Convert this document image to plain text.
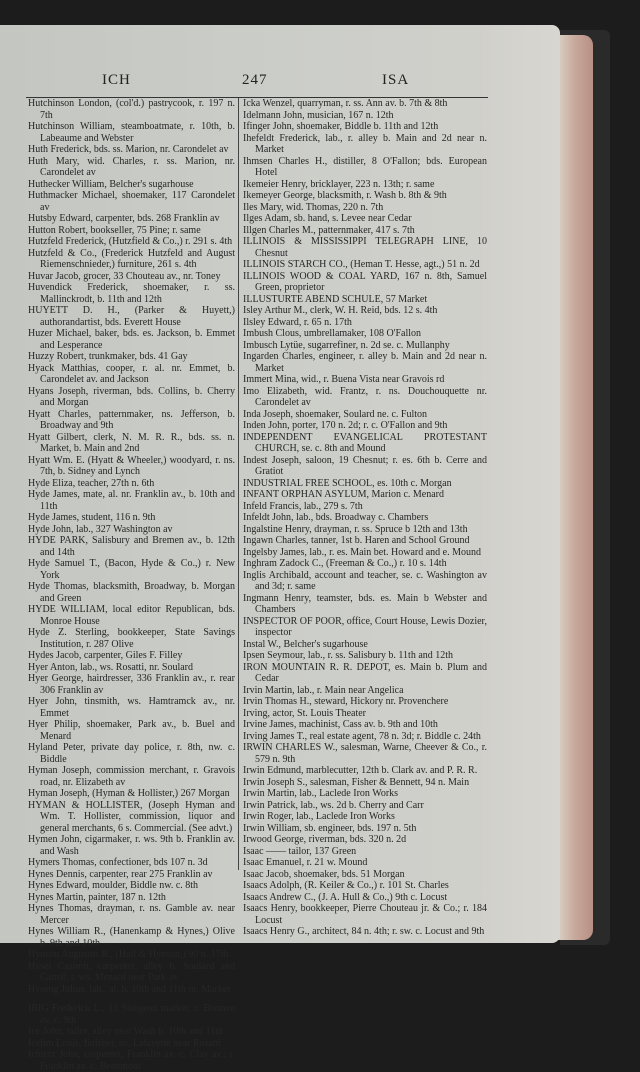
ICH	247	ISA
Hutchinson London, (col'd.) pastrycook, r. 197 n. 7th
Hutchinson William, steamboatmate, r. 10th, b. Labeaume and Webster
Huth Frederick, bds. ss. Marion, nr. Carondelet av
Huth Mary, wid. Charles, r. ss. Marion, nr. Carondelet av
Huthecker William, Belcher's sugarhouse
Huthmacker Michael, shoemaker, 117 Carondelet av
Hutsby Edward, carpenter, bds. 268 Franklin av
Hutton Robert, bookseller, 75 Pine; r. same
Hutzfeld Frederick, (Hutzfield & Co.,) r. 291 s. 4th
Hutzfeld & Co., (Frederick Hutzfeld and August Riemenschnieder,) furniture, 261 s. 4th
Huvar Jacob, grocer, 33 Chouteau av., nr. Toney
Huvendick Frederick, shoemaker, r. ss. Mallinckrodt, b. 11th and 12th
HUYETT D. H., (Parker & Huyett,) authorandartist, bds. Everett House
Huzer Michael, baker, bds. es. Jackson, b. Emmet and Lesperance
Huzzy Robert, trunkmaker, bds. 41 Gay
Hyack Matthias, cooper, r. al. nr. Emmet, b. Carondelet av. and Jackson
Hyans Joseph, riverman, bds. Collins, b. Cherry and Morgan
Hyatt Charles, patternmaker, ns. Jefferson, b. Broadway and 9th
Hyatt Gilbert, clerk, N. M. R. R., bds. ss. n. Market, b. Main and 2nd
Hyatt Wm. E. (Hyatt & Wheeler,) woodyard, r. ns. 7th, b. Sidney and Lynch
Hyde Eliza, teacher, 27th n. 6th
Hyde James, mate, al. nr. Franklin av., b. 10th and 11th
Hyde James, student, 116 n. 9th
Hyde John, lab., 327 Washington av
HYDE PARK, Salisbury and Bremen av., b. 12th and 14th
Hyde Samuel T., (Bacon, Hyde & Co.,) r. New York
Hyde Thomas, blacksmith, Broadway, b. Morgan and Green
HYDE WILLIAM, local editor Republican, bds. Monroe House
Hyde Z. Sterling, bookkeeper, State Savings Institution, r. 287 Olive
Hydes Jacob, carpenter, Giles F. Filley
Hyer Anton, lab., ws. Rosatti, nr. Soulard
Hyer George, hairdresser, 336 Franklin av., r. rear 306 Franklin av
Hyer John, tinsmith, ws. Hamtramck av., nr. Emmet
Hyer Philip, shoemaker, Park av., b. Buel and Menard
Hyland Peter, private day police, r. 8th, nw. c. Biddle
Hyman Joseph, commission merchant, r. Gravois road, nr. Elizabeth av
Hyman Joseph, (Hyman & Hollister,) 267 Morgan
HYMAN & HOLLISTER, (Joseph Hyman and Wm. T. Hollister, commission, liquor and general merchants, 6 s. Commercial. (See advt.)
Hymen John, cigarmaker, r. ws. 9th b. Franklin av. and Wash
Hymers Thomas, confectioner, bds 107 n. 3d
Hynes Dennis, carpenter, rear 275 Franklin av
Hynes Edward, moulder, Biddle nw. c. 8th
Hynes Martin, painter, 187 n. 12th
Hynes Thomas, drayman, r. ns. Gamble av. near Mercer
Hynes William R., (Hanenkamp & Hynes,) Olive b. 9th and 10th
Hynson Augustus R., (Hall & Hynson,) 90 n. 17th
Hysel Casimir, carpenter, alley b. Soulard and Carrol; r. ws. Menard near Park av
Hyseng Julius, lab., al. b. 10th and 11th nr. Market
IBIG Frederick L., 13 Sturgeon market; r. Bremen av. c. 9th
Ice John, tailor, alley near Wash b. 10th and 11th
Icelim Louis, finisher, ns. Lafayette near Rosatti
Ichterz John, carpenter, Franklin av. c. Clay av.; r. Franklin av. c. Beaumont
Icka Wenzel, quarryman, r. ss. Ann av. b. 7th & 8th
Idelmann John, musician, 167 n. 12th
Ifinger John, shoemaker, Biddle b. 11th and 12th
Ihefeldt Frederick, lab., r. alley b. Main and 2d near n. Market
Ihmsen Charles H., distiller, 8 O'Fallon; bds. European Hotel
Ikemeier Henry, bricklayer, 223 n. 13th; r. same
Ikemeyer George, blacksmith, r. Wash b. 8th & 9th
Iles Mary, wid. Thomas, 220 n. 7th
Ilges Adam, sb. hand, s. Levee near Cedar
Illgen Charles M., patternmaker, 417 s. 7th
ILLINOIS & MISSISSIPPI TELEGRAPH LINE, 10 Chesnut
ILLINOIS STARCH CO., (Heman T. Hesse, agt.,) 51 n. 2d
ILLINOIS WOOD & COAL YARD, 167 n. 8th, Samuel Green, proprietor
ILLUSTURTE ABEND SCHULE, 57 Market
Isley Arthur M., clerk, W. H. Reid, bds. 12 s. 4th
Ilsley Edward, r. 65 n. 17th
Imbush Clous, umbrellamaker, 108 O'Fallon
Imbusch Lytüe, sugarrefiner, n. 2d se. c. Mullanphy
Ingarden Charles, engineer, r. alley b. Main and 2d near n. Market
Immert Mina, wid., r. Buena Vista near Gravois rd
Imo Elizabeth, wid. Frantz, r. ns. Douchouquette nr. Carondelet av
Inda Joseph, shoemaker, Soulard ne. c. Fulton
Inden John, porter, 170 n. 2d; r. c. O'Fallon and 9th
INDEPENDENT EVANGELICAL PROTESTANT CHURCH, se. c. 8th and Mound
Indest Joseph, saloon, 19 Chesnut; r. es. 6th b. Cerre and Gratiot
INDUSTRIAL FREE SCHOOL, es. 10th c. Morgan
INFANT ORPHAN ASYLUM, Marion c. Menard
Infeld Francis, lab., 279 s. 7th
Infeldt John, lab., bds. Broadway c. Chambers
Ingalstine Henry, drayman, r. ss. Spruce b 12th and 13th
Ingawn Charles, tanner, 1st b. Haren and School Ground
Ingelsby James, lab., r. es. Main bet. Howard and e. Mound
Inghram Zadock C., (Freeman & Co.,) r. 10 s. 14th
Inglis Archibald, account and teacher, se. c. Washington av and 3d; r. same
Ingmann Henry, teamster, bds. es. Main b Webster and Chambers
INSPECTOR OF POOR, office, Court House, Lewis Dozier, inspector
Instal W., Belcher's sugarhouse
Ipsen Seymour, lab., r. ss. Salisbury b. 11th and 12th
IRON MOUNTAIN R. R. DEPOT, es. Main b. Plum and Cedar
Irvin Martin, lab., r. Main near Angelica
Irvin Thomas H., steward, Hickory nr. Provenchere
Irving, actor, St. Louis Theater
Irvine James, machinist, Cass av. b. 9th and 10th
Irving James T., real estate agent, 78 n. 3d; r. Biddle c. 24th
IRWIN CHARLES W., salesman, Warne, Cheever & Co., r. 579 n. 9th
Irwin Edmund, marblecutter, 12th b. Clark av. and P. R. R.
Irwin Joseph S., salesman, Fisher & Bennett, 94 n. Main
Irwin Martin, lab., Laclede Iron Works
Irwin Patrick, lab., ws. 2d b. Cherry and Carr
Irwin Roger, lab., Laclede Iron Works
Irwin William, sb. engineer, bds. 197 n. 5th
Irwood George, riverman, bds. 320 n. 2d
Isaac —— tailor, 137 Green
Isaac Emanuel, r. 21 w. Mound
Isaac Jacob, shoemaker, bds. 51 Morgan
Isaacs Adolph, (R. Keiler & Co.,) r. 101 St. Charles
Isaacs Andrew C., (J. A. Hull & Co.,) 9th c. Locust
Isaacs Henry, bookkeeper, Pierre Chouteau jr. & Co.; r. 184 Locust
Isaacs Henry G., architect, 84 n. 4th; r. sw. c. Locust and 9th
